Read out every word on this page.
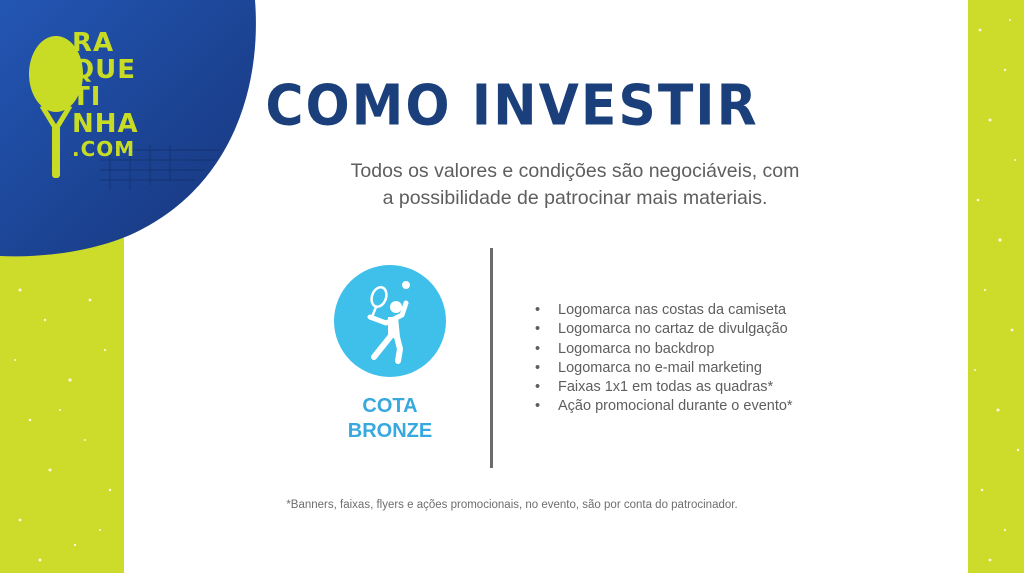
RA
QUE
TI
NHA
.COM
COMO INVESTIR
Todos os valores e condições são negociáveis, com
a possibilidade de patrocinar mais materiais.
COTA
BRONZE
• Logomarca nas costas da camiseta
• Logomarca no cartaz de divulgação
• Logomarca no backdrop
• Logomarca no e-mail marketing
• Faixas 1x1 em todas as quadras*
• Ação promocional durante o evento*
*Banners, faixas, flyers e ações promocionais, no evento, são por conta do patrocinador.
